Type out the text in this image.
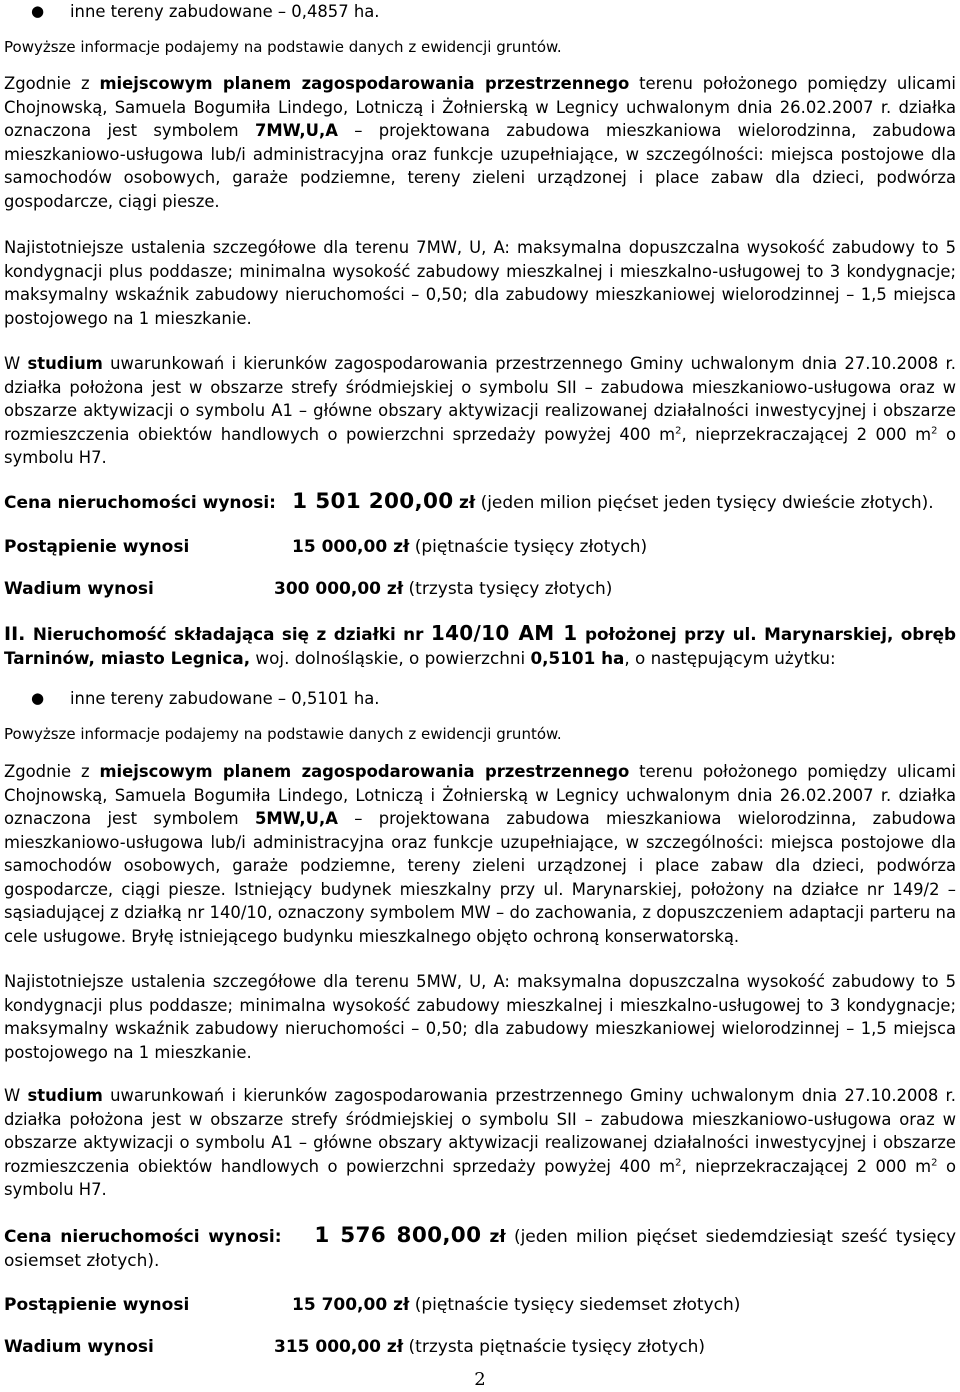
● inne tereny zabudowane – 0,4857 ha.

Powyższe informacje podajemy na podstawie danych z ewidencji gruntów.

Zgodnie z miejscowym planem zagospodarowania przestrzennego terenu położonego pomiędzy ulicami Chojnowską, Samuela Bogumiła Lindego, Lotniczą i Żołnierską w Legnicy uchwalonym dnia 26.02.2007 r. działka oznaczona jest symbolem 7MW,U,A – projektowana zabudowa mieszkaniowa wielorodzinna, zabudowa mieszkaniowo-usługowa lub/i administracyjna oraz funkcje uzupełniające, w szczególności: miejsca postojowe dla samochodów osobowych, garaże podziemne, tereny zieleni urządzonej i place zabaw dla dzieci, podwórza gospodarcze, ciągi piesze.

Najistotniejsze ustalenia szczegółowe dla terenu 7MW, U, A: maksymalna dopuszczalna wysokość zabudowy to 5 kondygnacji plus poddasze; minimalna wysokość zabudowy mieszkalnej i mieszkalno-usługowej to 3 kondygnacje; maksymalny wskaźnik zabudowy nieruchomości – 0,50; dla zabudowy mieszkaniowej wielorodzinnej – 1,5 miejsca postojowego na 1 mieszkanie.

W studium uwarunkowań i kierunków zagospodarowania przestrzennego Gminy uchwalonym dnia 27.10.2008 r. działka położona jest w obszarze strefy śródmiejskiej o symbolu SII – zabudowa mieszkaniowo-usługowa oraz w obszarze aktywizacji o symbolu A1 – główne obszary aktywizacji realizowanej działalności inwestycyjnej i obszarze rozmieszczenia obiektów handlowych o powierzchni sprzedaży powyżej 400 $m^2$, nieprzekraczającej 2 000 $m^2$ o symbolu H7.

Cena nieruchomości wynosi: 1 501 200,00 zł (jeden milion pięćset jeden tysięcy dwieście złotych).

Postąpienie wynosi	15 000,00 zł (piętnaście tysięcy złotych)
Wadium wynosi	300 000,00 zł (trzysta tysięcy złotych)

II. Nieruchomość składająca się z działki nr 140/10 AM 1 położonej przy ul. Marynarskiej, obręb Tarninów, miasto Legnica, woj. dolnośląskie, o powierzchni 0,5101 ha, o następującym użytku:

● inne tereny zabudowane – 0,5101 ha.

Powyższe informacje podajemy na podstawie danych z ewidencji gruntów.

Zgodnie z miejscowym planem zagospodarowania przestrzennego terenu położonego pomiędzy ulicami Chojnowską, Samuela Bogumiła Lindego, Lotniczą i Żołnierską w Legnicy uchwalonym dnia 26.02.2007 r. działka oznaczona jest symbolem 5MW,U,A – projektowana zabudowa mieszkaniowa wielorodzinna, zabudowa mieszkaniowo-usługowa lub/i administracyjna oraz funkcje uzupełniające, w szczególności: miejsca postojowe dla samochodów osobowych, garaże podziemne, tereny zieleni urządzonej i place zabaw dla dzieci, podwórza gospodarcze, ciągi piesze. Istniejący budynek mieszkalny przy ul. Marynarskiej, położony na działce nr 149/2 – sąsiadującej z działką nr 140/10, oznaczony symbolem MW – do zachowania, z dopuszczeniem adaptacji parteru na cele usługowe. Bryłę istniejącego budynku mieszkalnego objęto ochroną konserwatorską.

Najistotniejsze ustalenia szczegółowe dla terenu 5MW, U, A: maksymalna dopuszczalna wysokość zabudowy to 5 kondygnacji plus poddasze; minimalna wysokość zabudowy mieszkalnej i mieszkalno-usługowej to 3 kondygnacje; maksymalny wskaźnik zabudowy nieruchomości – 0,50; dla zabudowy mieszkaniowej wielorodzinnej – 1,5 miejsca postojowego na 1 mieszkanie.

W studium uwarunkowań i kierunków zagospodarowania przestrzennego Gminy uchwalonym dnia 27.10.2008 r. działka położona jest w obszarze strefy śródmiejskiej o symbolu SII – zabudowa mieszkaniowo-usługowa oraz w obszarze aktywizacji o symbolu A1 – główne obszary aktywizacji realizowanej działalności inwestycyjnej i obszarze rozmieszczenia obiektów handlowych o powierzchni sprzedaży powyżej 400 $m^2$, nieprzekraczającej 2 000 $m^2$ o symbolu H7.

Cena nieruchomości wynosi: 1 576 800,00 zł (jeden milion pięćset siedemdziesiąt sześć tysięcy osiemset złotych).

Postąpienie wynosi	15 700,00 zł (piętnaście tysięcy siedemset złotych)
Wadium wynosi	315 000,00 zł (trzysta piętnaście tysięcy złotych)
2
